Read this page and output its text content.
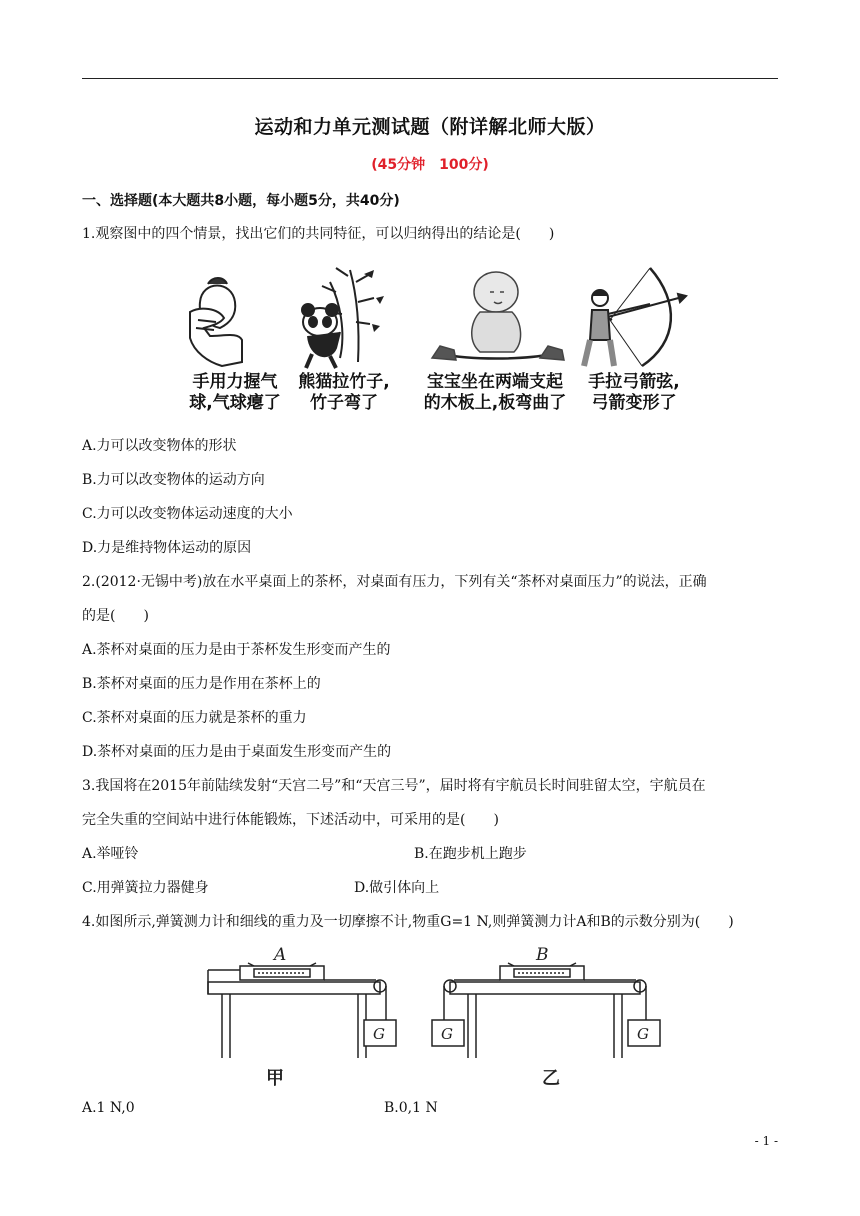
运动和力单元测试题（附详解北师大版）
(45分钟　100分)
一、选择题(本大题共8小题，每小题5分，共40分)
1.观察图中的四个情景，找出它们的共同特征，可以归纳得出的结论是(　　)
手用力握气
球,气球瘪了
熊猫拉竹子,
竹子弯了
宝宝坐在两端支起
的木板上,板弯曲了
手拉弓箭弦,
弓箭变形了
A.力可以改变物体的形状
B.力可以改变物体的运动方向
C.力可以改变物体运动速度的大小
D.力是维持物体运动的原因
2.(2012·无锡中考)放在水平桌面上的茶杯，对桌面有压力，下列有关“茶杯对桌面压力”的说法，正确
的是(　　)
A.茶杯对桌面的压力是由于茶杯发生形变而产生的
B.茶杯对桌面的压力是作用在茶杯上的
C.茶杯对桌面的压力就是茶杯的重力
D.茶杯对桌面的压力是由于桌面发生形变而产生的
3.我国将在2015年前陆续发射“天宫二号”和“天宫三号”，届时将有宇航员长时间驻留太空，宇航员在
完全失重的空间站中进行体能锻炼，下述活动中，可采用的是(　　)
A.举哑铃	B.在跑步机上跑步
C.用弹簧拉力器健身	D.做引体向上
4.如图所示,弹簧测力计和细线的重力及一切摩擦不计,物重G=1 N,则弹簧测力计A和B的示数分别为(　　)
A
G
甲
B
G	G
乙
A.1 N,0	B.0,1 N
- 1 -
